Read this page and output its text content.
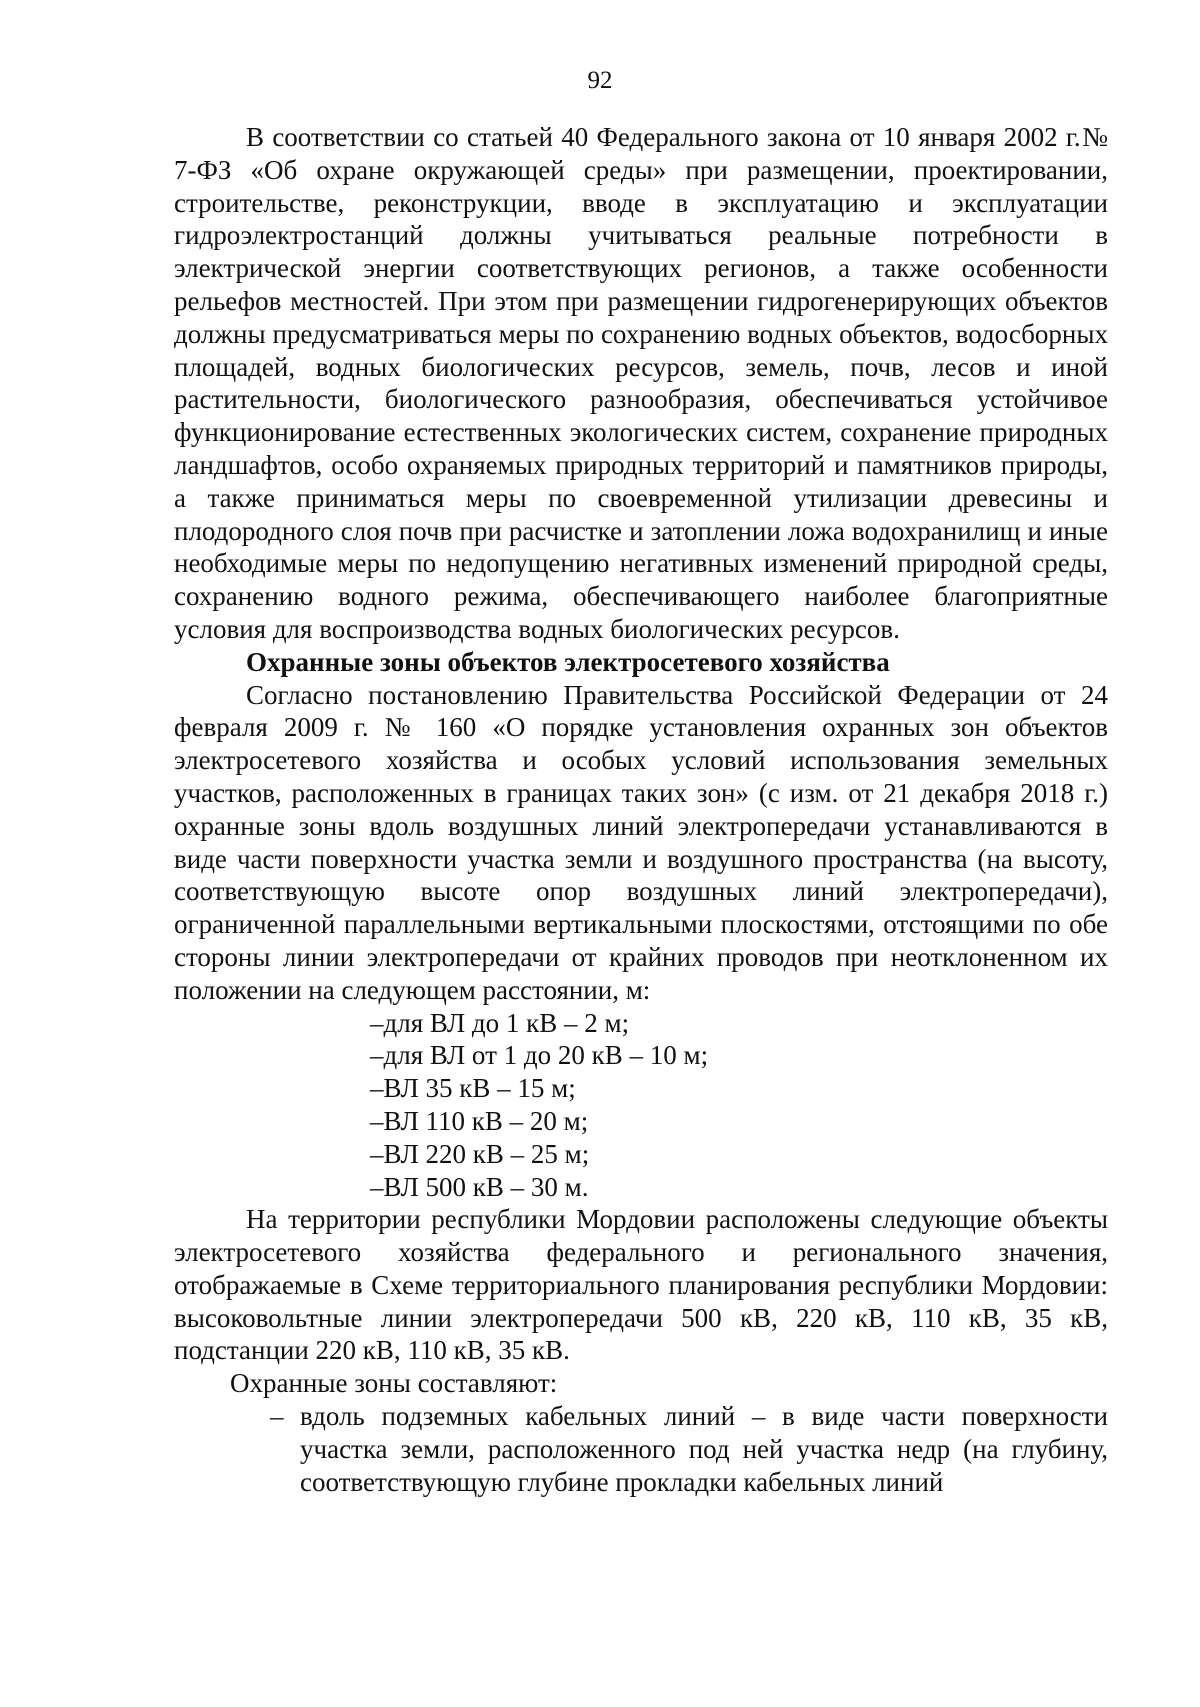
92

В соответствии со статьей 40 Федерального закона от 10 января 2002 г.№ 7-ФЗ «Об охране окружающей среды» при размещении, проектировании, строительстве, реконструкции, вводе в эксплуатацию и эксплуатации гидроэлектростанций должны учитываться реальные потребности в электрической энергии соответствующих регионов, а также особенности рельефов местностей. При этом при размещении гидрогенерирующих объектов должны предусматриваться меры по сохранению водных объектов, водосборных площадей, водных биологических ресурсов, земель, почв, лесов и иной растительности, биологического разнообразия, обеспечиваться устойчивое функционирование естественных экологических систем, сохранение природных ландшафтов, особо охраняемых природных территорий и памятников природы, а также приниматься меры по своевременной утилизации древесины и плодородного слоя почв при расчистке и затоплении ложа водохранилищ и иные необходимые меры по недопущению негативных изменений природной среды, сохранению водного режима, обеспечивающего наиболее благоприятные условия для воспроизводства водных биологических ресурсов.

Охранные зоны объектов электросетевого хозяйства

Согласно постановлению Правительства Российской Федерации от 24 февраля 2009 г. № 160 «О порядке установления охранных зон объектов электросетевого хозяйства и особых условий использования земельных участков, расположенных в границах таких зон» (с изм. от 21 декабря 2018 г.) охранные зоны вдоль воздушных линий электропередачи устанавливаются в виде части поверхности участка земли и воздушного пространства (на высоту, соответствующую высоте опор воздушных линий электропередачи), ограниченной параллельными вертикальными плоскостями, отстоящими по обе стороны линии электропередачи от крайних проводов при неотклоненном их положении на следующем расстоянии, м:

–для ВЛ до 1 кВ – 2 м;
–для ВЛ от 1 до 20 кВ – 10 м;
–ВЛ 35 кВ – 15 м;
–ВЛ 110 кВ – 20 м;
–ВЛ 220 кВ – 25 м;
–ВЛ 500 кВ – 30 м.

На территории республики Мордовии расположены следующие объекты электросетевого хозяйства федерального и регионального значения, отображаемые в Схеме территориального планирования республики Мордовии: высоковольтные линии электропередачи 500 кВ, 220 кВ, 110 кВ, 35 кВ, подстанции 220 кВ, 110 кВ, 35 кВ.

Охранные зоны составляют:

– вдоль подземных кабельных линий – в виде части поверхности участка земли, расположенного под ней участка недр (на глубину, соответствующую глубине прокладки кабельных линий
